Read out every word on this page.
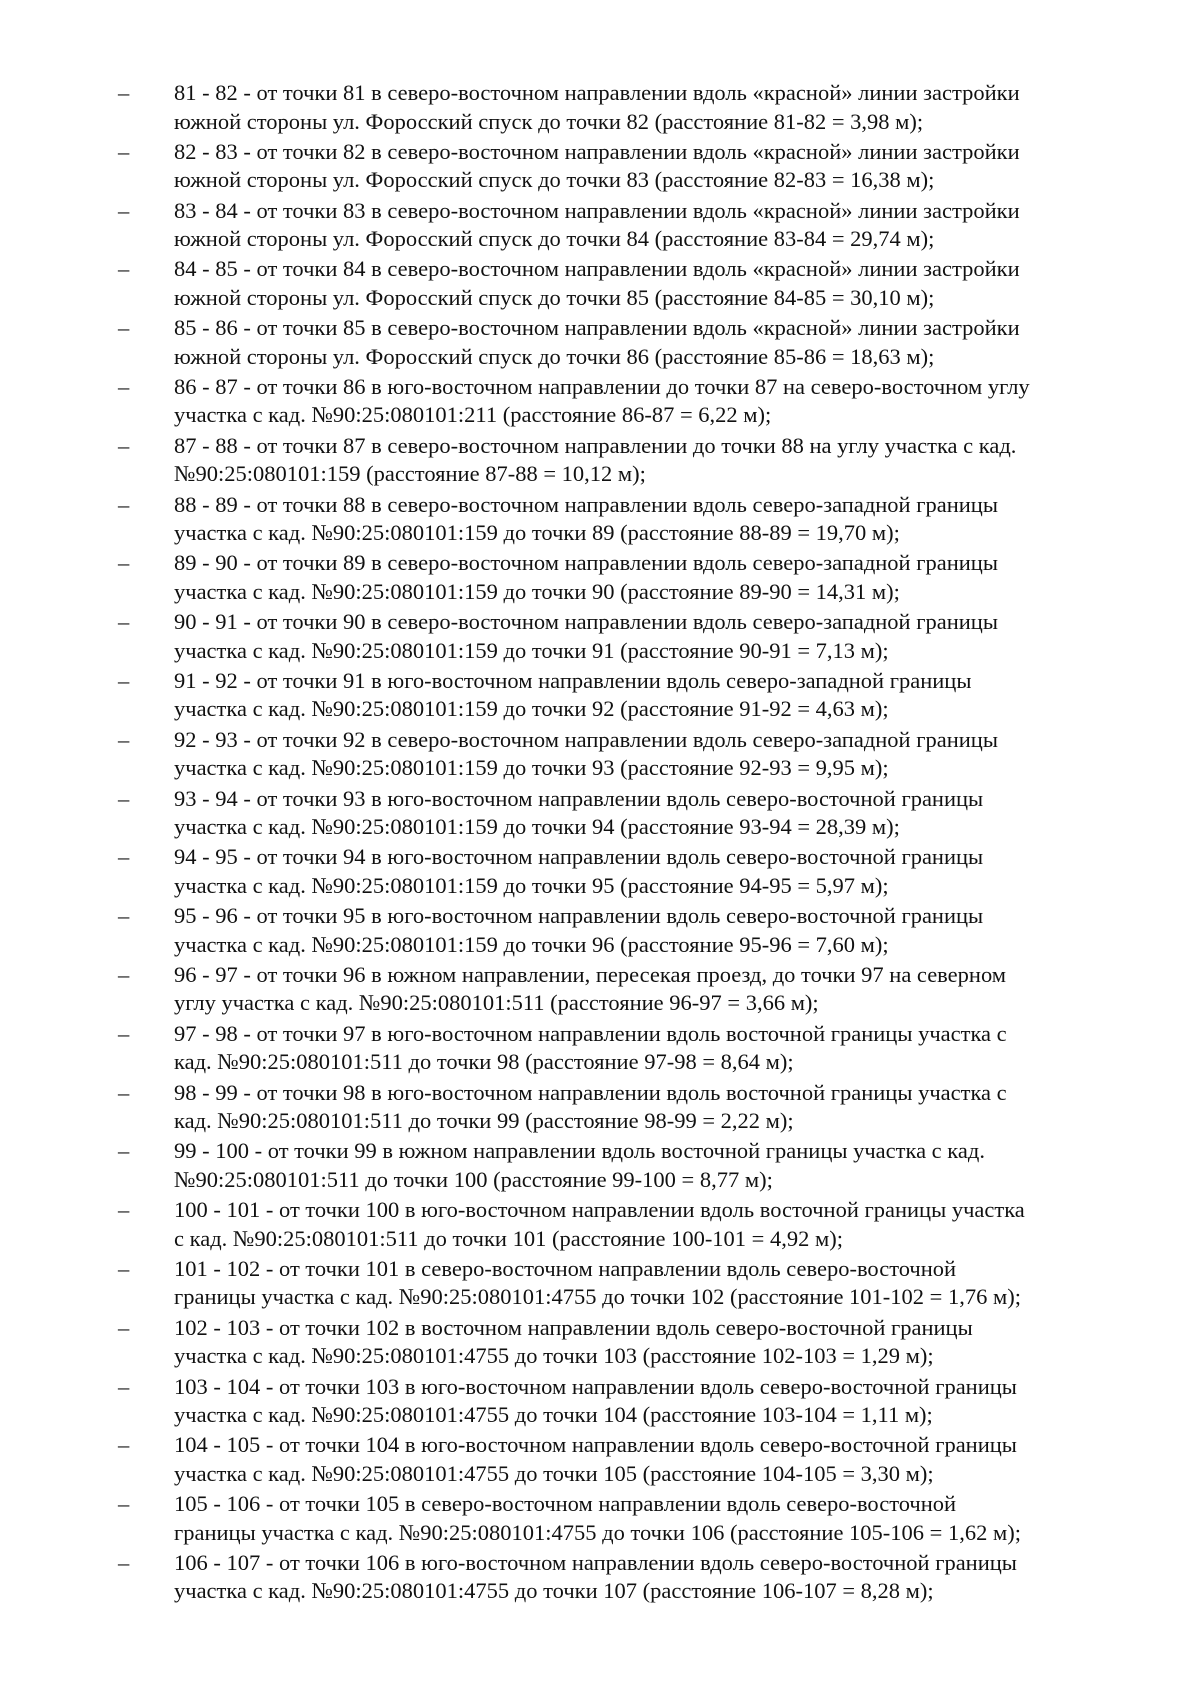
–	81 - 82 - от точки 81 в северо-восточном направлении вдоль «красной» линии застройки
южной стороны ул. Форосский спуск до точки 82 (расстояние 81-82 = 3,98 м);
–	82 - 83 - от точки 82 в северо-восточном направлении вдоль «красной» линии застройки
южной стороны ул. Форосский спуск до точки 83 (расстояние 82-83 = 16,38 м);
–	83 - 84 - от точки 83 в северо-восточном направлении вдоль «красной» линии застройки
южной стороны ул. Форосский спуск до точки 84 (расстояние 83-84 = 29,74 м);
–	84 - 85 - от точки 84 в северо-восточном направлении вдоль «красной» линии застройки
южной стороны ул. Форосский спуск до точки 85 (расстояние 84-85 = 30,10 м);
–	85 - 86 - от точки 85 в северо-восточном направлении вдоль «красной» линии застройки
южной стороны ул. Форосский спуск до точки 86 (расстояние 85-86 = 18,63 м);
–	86 - 87 - от точки 86 в юго-восточном направлении до точки 87 на северо-восточном углу
участка с кад. №90:25:080101:211 (расстояние 86-87 = 6,22 м);
–	87 - 88 - от точки 87 в северо-восточном направлении до точки 88 на углу участка с кад.
№90:25:080101:159 (расстояние 87-88 = 10,12 м);
–	88 - 89 - от точки 88 в северо-восточном направлении вдоль северо-западной границы
участка с кад. №90:25:080101:159 до точки 89 (расстояние 88-89 = 19,70 м);
–	89 - 90 - от точки 89 в северо-восточном направлении вдоль северо-западной границы
участка с кад. №90:25:080101:159 до точки 90 (расстояние 89-90 = 14,31 м);
–	90 - 91 - от точки 90 в северо-восточном направлении вдоль северо-западной границы
участка с кад. №90:25:080101:159 до точки 91 (расстояние 90-91 = 7,13 м);
–	91 - 92 - от точки 91 в юго-восточном направлении вдоль северо-западной границы
участка с кад. №90:25:080101:159 до точки 92 (расстояние 91-92 = 4,63 м);
–	92 - 93 - от точки 92 в северо-восточном направлении вдоль северо-западной границы
участка с кад. №90:25:080101:159 до точки 93 (расстояние 92-93 = 9,95 м);
–	93 - 94 - от точки 93 в юго-восточном направлении вдоль северо-восточной границы
участка с кад. №90:25:080101:159 до точки 94 (расстояние 93-94 = 28,39 м);
–	94 - 95 - от точки 94 в юго-восточном направлении вдоль северо-восточной границы
участка с кад. №90:25:080101:159 до точки 95 (расстояние 94-95 = 5,97 м);
–	95 - 96 - от точки 95 в юго-восточном направлении вдоль северо-восточной границы
участка с кад. №90:25:080101:159 до точки 96 (расстояние 95-96 = 7,60 м);
–	96 - 97 - от точки 96 в южном направлении, пересекая проезд, до точки 97 на северном
углу участка с кад. №90:25:080101:511 (расстояние 96-97 = 3,66 м);
–	97 - 98 - от точки 97 в юго-восточном направлении вдоль восточной границы участка с
кад. №90:25:080101:511 до точки 98 (расстояние 97-98 = 8,64 м);
–	98 - 99 - от точки 98 в юго-восточном направлении вдоль восточной границы участка с
кад. №90:25:080101:511 до точки 99 (расстояние 98-99 = 2,22 м);
–	99 - 100 - от точки 99 в южном направлении вдоль восточной границы участка с кад.
№90:25:080101:511 до точки 100 (расстояние 99-100 = 8,77 м);
–	100 - 101 - от точки 100 в юго-восточном направлении вдоль восточной границы участка
с кад. №90:25:080101:511 до точки 101 (расстояние 100-101 = 4,92 м);
–	101 - 102 - от точки 101 в северо-восточном направлении вдоль северо-восточной
границы участка с кад. №90:25:080101:4755 до точки 102 (расстояние 101-102 = 1,76 м);
–	102 - 103 - от точки 102 в восточном направлении вдоль северо-восточной границы
участка с кад. №90:25:080101:4755 до точки 103 (расстояние 102-103 = 1,29 м);
–	103 - 104 - от точки 103 в юго-восточном направлении вдоль северо-восточной границы
участка с кад. №90:25:080101:4755 до точки 104 (расстояние 103-104 = 1,11 м);
–	104 - 105 - от точки 104 в юго-восточном направлении вдоль северо-восточной границы
участка с кад. №90:25:080101:4755 до точки 105 (расстояние 104-105 = 3,30 м);
–	105 - 106 - от точки 105 в северо-восточном направлении вдоль северо-восточной
границы участка с кад. №90:25:080101:4755 до точки 106 (расстояние 105-106 = 1,62 м);
–	106 - 107 - от точки 106 в юго-восточном направлении вдоль северо-восточной границы
участка с кад. №90:25:080101:4755 до точки 107 (расстояние 106-107 = 8,28 м);
